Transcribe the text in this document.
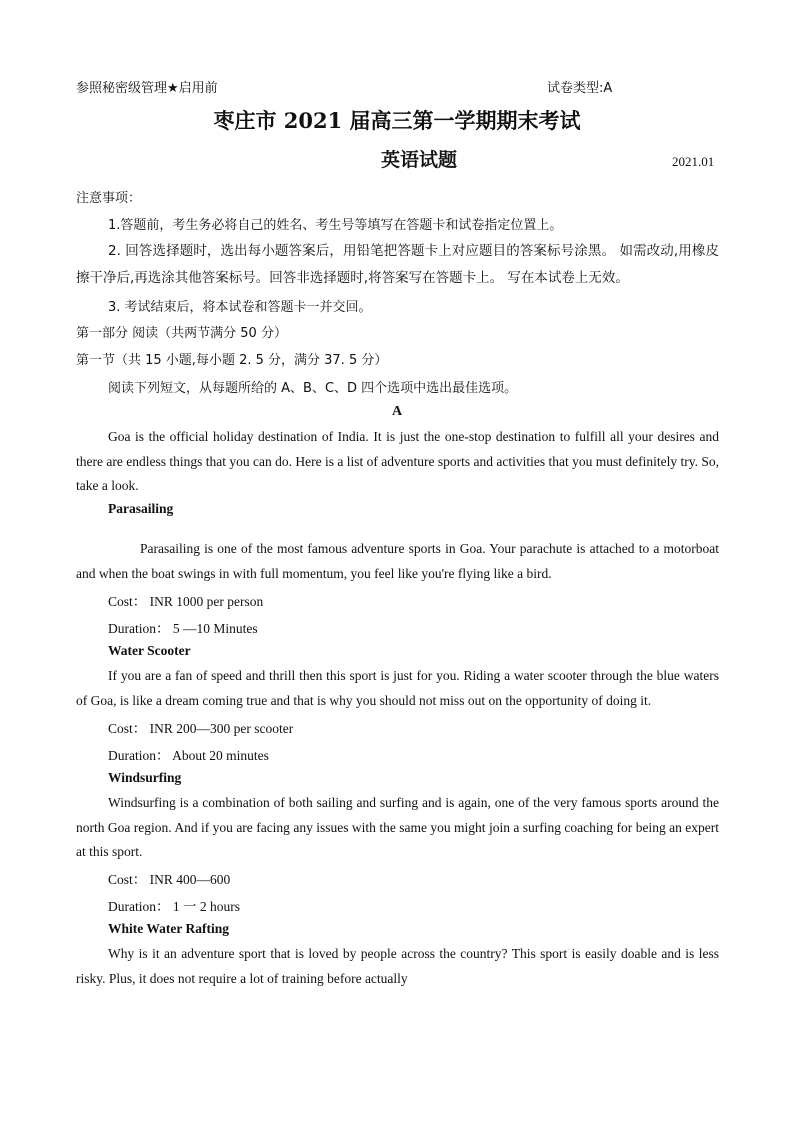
参照秘密级管理★启用前	试卷类型:A
枣庄市 2021 届高三第一学期期末考试
英语试题	2021.01
注意事项：
1.答题前，考生务必将自己的姓名、考生号等填写在答题卡和试卷指定位置上。
2. 回答选择题时，选出每小题答案后，用铅笔把答题卡上对应题目的答案标号涂黑。 如需改动,用橡皮擦干净后,再选涂其他答案标号。回答非选择题时,将答案写在答题卡上。 写在本试卷上无效。
3. 考试结束后，将本试卷和答题卡一并交回。
第一部分 阅读（共两节满分 50 分）
第一节（共 15 小题,每小题 2. 5 分，满分 37. 5 分）
阅读下列短文，从每题所给的 A、B、C、D 四个选项中选出最佳选项。
A
Goa is the official holiday destination of India. It is just the one-stop destination to fulfill all your desires and there are endless things that you can do. Here is a list of adventure sports and activities that you must definitely try. So, take a look.
Parasailing
Parasailing is one of the most famous adventure sports in Goa. Your parachute is attached to a motorboat and when the boat swings in with full momentum, you feel like you're flying like a bird.
Cost： INR 1000 per person
Duration： 5 —10 Minutes
Water Scooter
If you are a fan of speed and thrill then this sport is just for you. Riding a water scooter through the blue waters of Goa, is like a dream coming true and that is why you should not miss out on the opportunity of doing it.
Cost： INR 200—300 per scooter
Duration： About 20 minutes
Windsurfing
Windsurfing is a combination of both sailing and surfing and is again, one of the very famous sports around the north Goa region. And if you are facing any issues with the same you might join a surfing coaching for being an expert at this sport.
Cost： INR 400—600
Duration： 1 一 2 hours
White Water Rafting
Why is it an adventure sport that is loved by people across the country? This sport is easily doable and is less risky. Plus, it does not require a lot of training before actually
